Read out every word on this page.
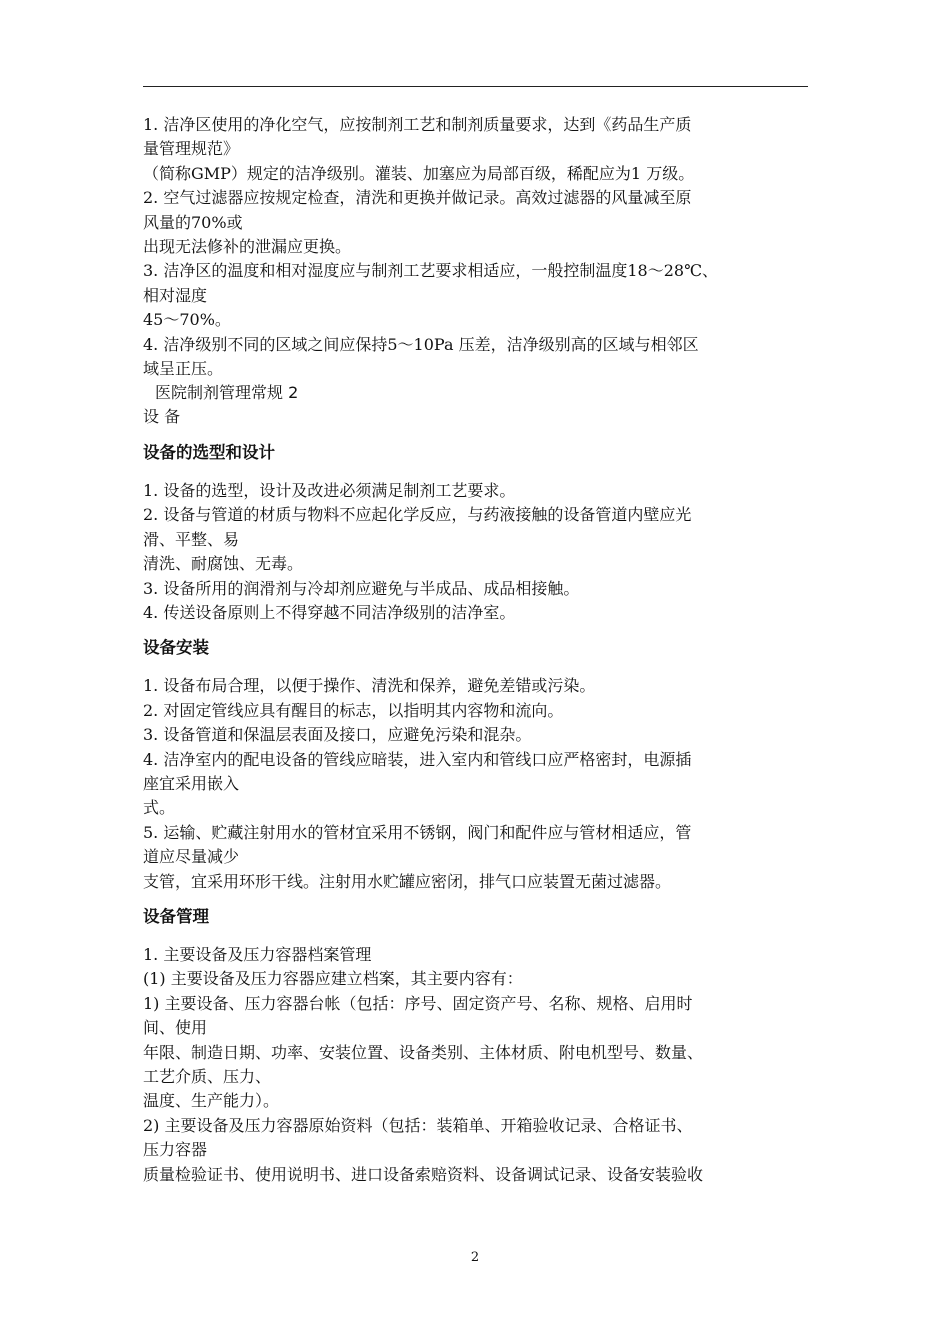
1. 洁净区使用的净化空气，应按制剂工艺和制剂质量要求，达到《药品生产质
量管理规范》
（简称GMP）规定的洁净级别。灌装、加塞应为局部百级，稀配应为1 万级。
2. 空气过滤器应按规定检查，清洗和更换并做记录。高效过滤器的风量减至原
风量的70%或
出现无法修补的泄漏应更换。
3. 洁净区的温度和相对湿度应与制剂工艺要求相适应，一般控制温度18～28℃、
相对湿度
45～70%。
4. 洁净级别不同的区域之间应保持5～10Pa 压差，洁净级别高的区域与相邻区
域呈正压。
医院制剂管理常规 2
设 备
设备的选型和设计
1. 设备的选型，设计及改进必须满足制剂工艺要求。
2. 设备与管道的材质与物料不应起化学反应，与药液接触的设备管道内壁应光
滑、平整、易
清洗、耐腐蚀、无毒。
3. 设备所用的润滑剂与冷却剂应避免与半成品、成品相接触。
4. 传送设备原则上不得穿越不同洁净级别的洁净室。
设备安装
1. 设备布局合理，以便于操作、清洗和保养，避免差错或污染。
2. 对固定管线应具有醒目的标志，以指明其内容物和流向。
3. 设备管道和保温层表面及接口，应避免污染和混杂。
4. 洁净室内的配电设备的管线应暗装，进入室内和管线口应严格密封，电源插
座宜采用嵌入
式。
5. 运输、贮藏注射用水的管材宜采用不锈钢，阀门和配件应与管材相适应，管
道应尽量减少
支管，宜采用环形干线。注射用水贮罐应密闭，排气口应装置无菌过滤器。
设备管理
1. 主要设备及压力容器档案管理
(1) 主要设备及压力容器应建立档案，其主要内容有：
1) 主要设备、压力容器台帐（包括：序号、固定资产号、名称、规格、启用时
间、使用
年限、制造日期、功率、安装位置、设备类别、主体材质、附电机型号、数量、
工艺介质、压力、
温度、生产能力）。
2) 主要设备及压力容器原始资料（包括：装箱单、开箱验收记录、合格证书、
压力容器
质量检验证书、使用说明书、进口设备索赔资料、设备调试记录、设备安装验收
2
